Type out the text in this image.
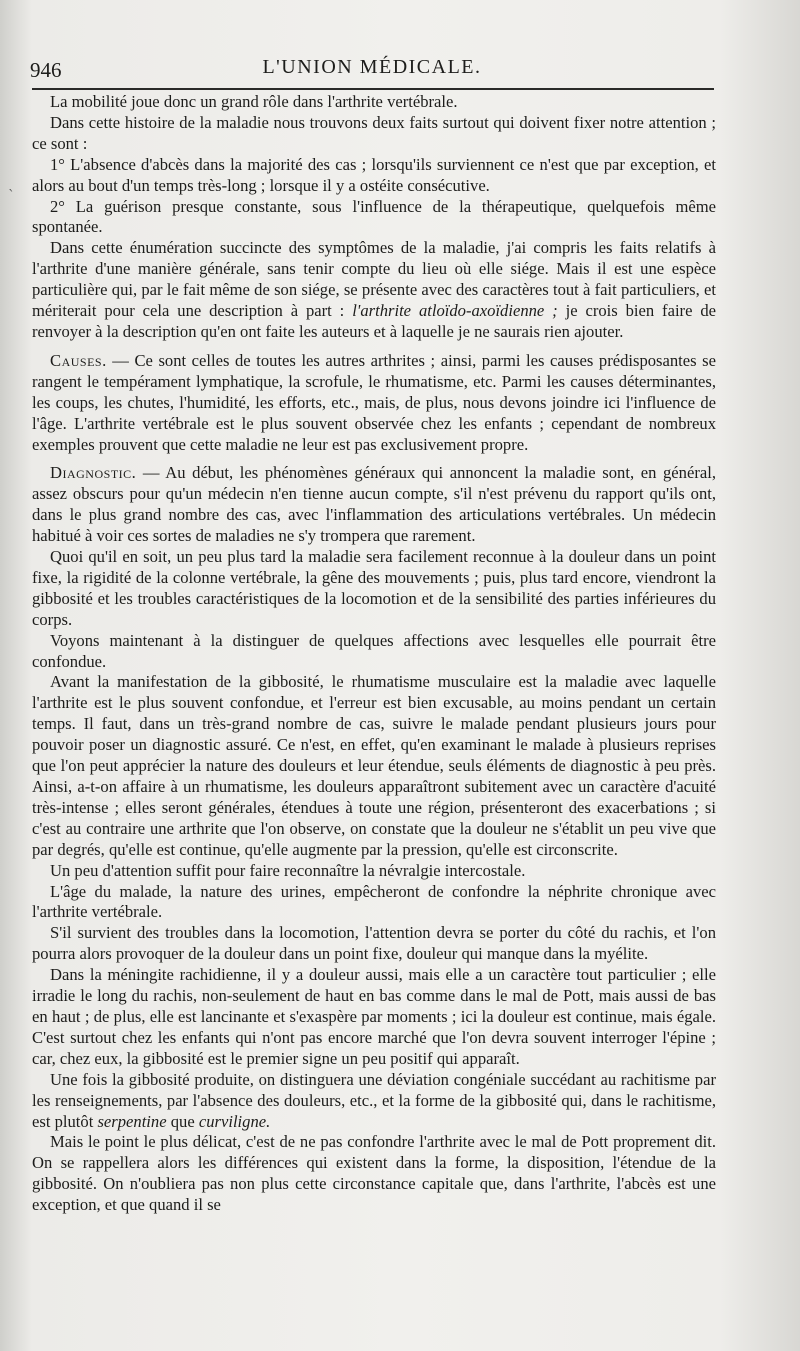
946	L'UNION MÉDICALE.
`

La mobilité joue donc un grand rôle dans l'arthrite vertébrale.

Dans cette histoire de la maladie nous trouvons deux faits surtout qui doivent fixer notre attention ; ce sont :

1° L'absence d'abcès dans la majorité des cas ; lorsqu'ils surviennent ce n'est que par exception, et alors au bout d'un temps très-long ; lorsque il y a ostéite consécutive.

2° La guérison presque constante, sous l'influence de la thérapeutique, quelquefois même spontanée.

Dans cette énumération succincte des symptômes de la maladie, j'ai compris les faits relatifs à l'arthrite d'une manière générale, sans tenir compte du lieu où elle siége. Mais il est une espèce particulière qui, par le fait même de son siége, se présente avec des caractères tout à fait particuliers, et mériterait pour cela une description à part : l'arthrite atloïdo-axoïdienne ; je crois bien faire de renvoyer à la description qu'en ont faite les auteurs et à laquelle je ne saurais rien ajouter.

Causes. — Ce sont celles de toutes les autres arthrites ; ainsi, parmi les causes prédisposantes se rangent le tempérament lymphatique, la scrofule, le rhumatisme, etc. Parmi les causes déterminantes, les coups, les chutes, l'humidité, les efforts, etc., mais, de plus, nous devons joindre ici l'influence de l'âge. L'arthrite vertébrale est le plus souvent observée chez les enfants ; cependant de nombreux exemples prouvent que cette maladie ne leur est pas exclusivement propre.

Diagnostic. — Au début, les phénomènes généraux qui annoncent la maladie sont, en général, assez obscurs pour qu'un médecin n'en tienne aucun compte, s'il n'est prévenu du rapport qu'ils ont, dans le plus grand nombre des cas, avec l'inflammation des articulations vertébrales. Un médecin habitué à voir ces sortes de maladies ne s'y trompera que rarement.

Quoi qu'il en soit, un peu plus tard la maladie sera facilement reconnue à la douleur dans un point fixe, la rigidité de la colonne vertébrale, la gêne des mouvements ; puis, plus tard encore, viendront la gibbosité et les troubles caractéristiques de la locomotion et de la sensibilité des parties inférieures du corps.

Voyons maintenant à la distinguer de quelques affections avec lesquelles elle pourrait être confondue.

Avant la manifestation de la gibbosité, le rhumatisme musculaire est la maladie avec laquelle l'arthrite est le plus souvent confondue, et l'erreur est bien excusable, au moins pendant un certain temps. Il faut, dans un très-grand nombre de cas, suivre le malade pendant plusieurs jours pour pouvoir poser un diagnostic assuré. Ce n'est, en effet, qu'en examinant le malade à plusieurs reprises que l'on peut apprécier la nature des douleurs et leur étendue, seuls éléments de diagnostic à peu près. Ainsi, a-t-on affaire à un rhumatisme, les douleurs apparaîtront subitement avec un caractère d'acuité très-intense ; elles seront générales, étendues à toute une région, présenteront des exacerbations ; si c'est au contraire une arthrite que l'on observe, on constate que la douleur ne s'établit un peu vive que par degrés, qu'elle est continue, qu'elle augmente par la pression, qu'elle est circonscrite.

Un peu d'attention suffit pour faire reconnaître la névralgie intercostale.

L'âge du malade, la nature des urines, empêcheront de confondre la néphrite chronique avec l'arthrite vertébrale.

S'il survient des troubles dans la locomotion, l'attention devra se porter du côté du rachis, et l'on pourra alors provoquer de la douleur dans un point fixe, douleur qui manque dans la myélite.

Dans la méningite rachidienne, il y a douleur aussi, mais elle a un caractère tout particulier ; elle irradie le long du rachis, non-seulement de haut en bas comme dans le mal de Pott, mais aussi de bas en haut ; de plus, elle est lancinante et s'exaspère par moments ; ici la douleur est continue, mais égale. C'est surtout chez les enfants qui n'ont pas encore marché que l'on devra souvent interroger l'épine ; car, chez eux, la gibbosité est le premier signe un peu positif qui apparaît.

Une fois la gibbosité produite, on distinguera une déviation congéniale succédant au rachitisme par les renseignements, par l'absence des douleurs, etc., et la forme de la gibbosité qui, dans le rachitisme, est plutôt serpentine que curviligne.

Mais le point le plus délicat, c'est de ne pas confondre l'arthrite avec le mal de Pott proprement dit. On se rappellera alors les différences qui existent dans la forme, la disposition, l'étendue de la gibbosité. On n'oubliera pas non plus cette circonstance capitale que, dans l'arthrite, l'abcès est une exception, et que quand il se
